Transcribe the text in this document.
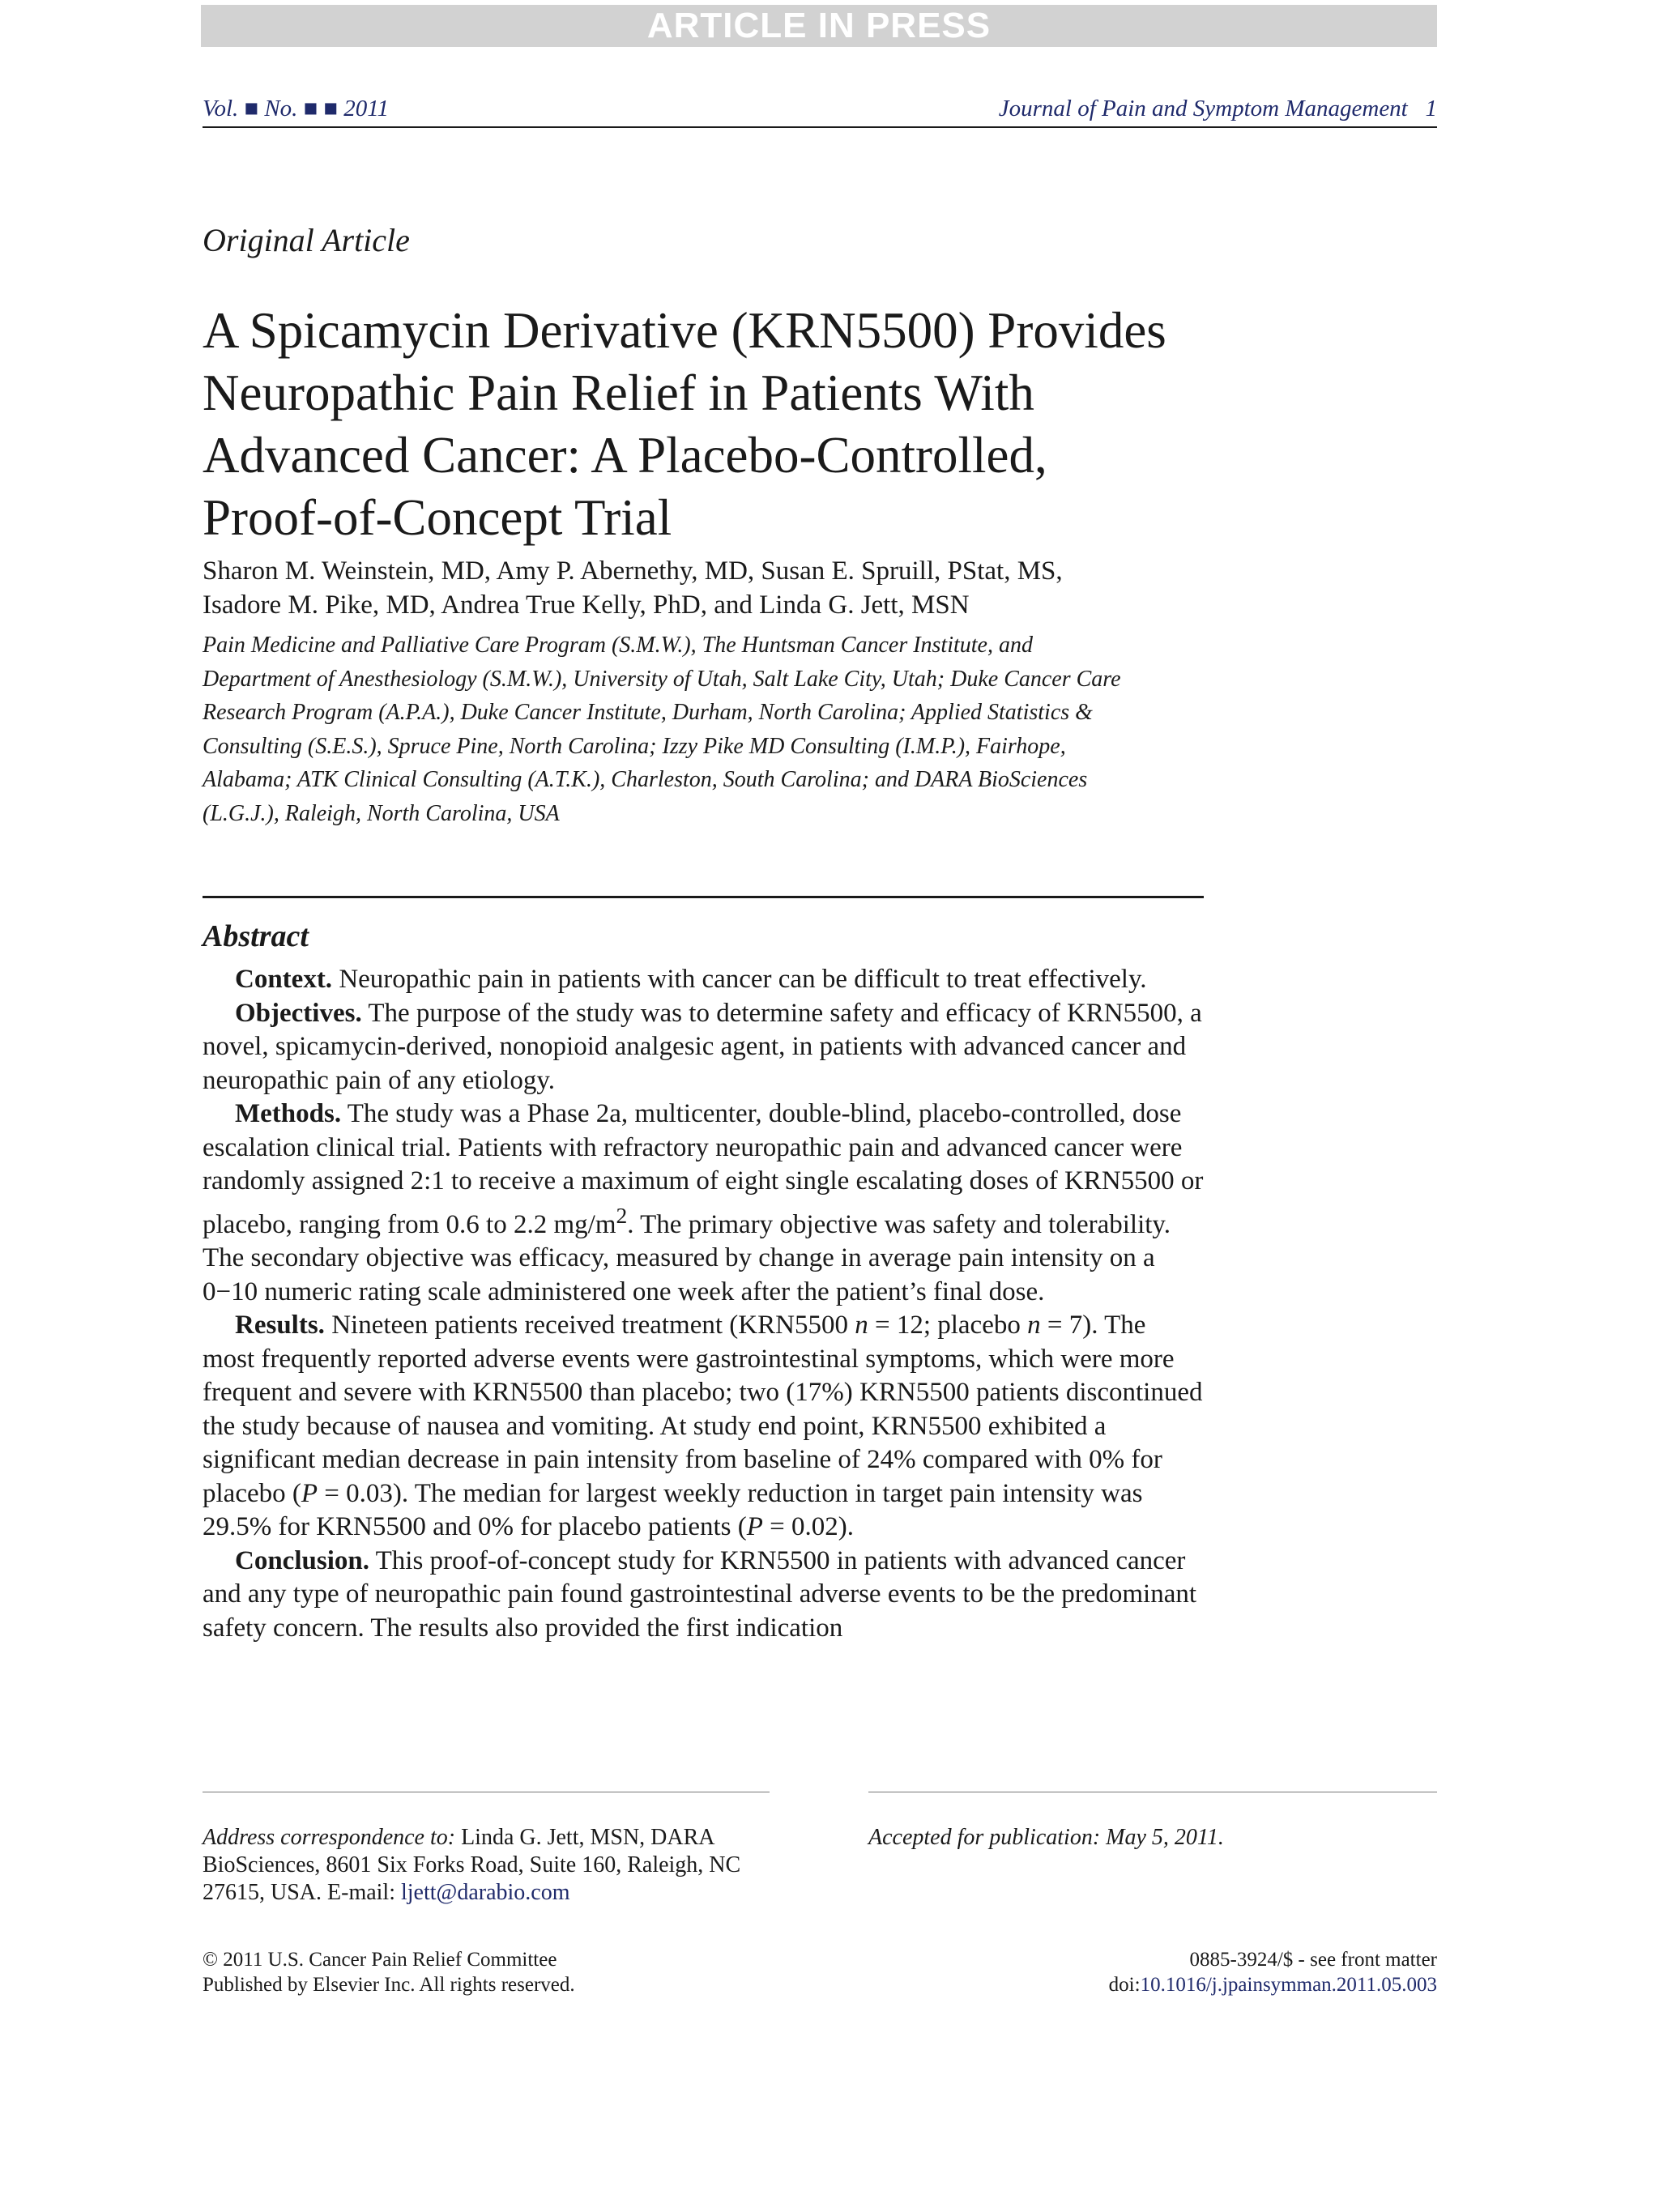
ARTICLE IN PRESS
Vol. ■ No. ■ ■ 2011	Journal of Pain and Symptom Management   1
Original Article
A Spicamycin Derivative (KRN5500) Provides
Neuropathic Pain Relief in Patients With
Advanced Cancer: A Placebo-Controlled,
Proof-of-Concept Trial
Sharon M. Weinstein, MD, Amy P. Abernethy, MD, Susan E. Spruill, PStat, MS,
Isadore M. Pike, MD, Andrea True Kelly, PhD, and Linda G. Jett, MSN
Pain Medicine and Palliative Care Program (S.M.W.), The Huntsman Cancer Institute, and
Department of Anesthesiology (S.M.W.), University of Utah, Salt Lake City, Utah; Duke Cancer Care
Research Program (A.P.A.), Duke Cancer Institute, Durham, North Carolina; Applied Statistics &
Consulting (S.E.S.), Spruce Pine, North Carolina; Izzy Pike MD Consulting (I.M.P.), Fairhope,
Alabama; ATK Clinical Consulting (A.T.K.), Charleston, South Carolina; and DARA BioSciences
(L.G.J.), Raleigh, North Carolina, USA
Abstract

Context. Neuropathic pain in patients with cancer can be difficult to treat effectively.

Objectives. The purpose of the study was to determine safety and efficacy of KRN5500, a novel, spicamycin-derived, nonopioid analgesic agent, in patients with advanced cancer and neuropathic pain of any etiology.

Methods. The study was a Phase 2a, multicenter, double-blind, placebo-controlled, dose escalation clinical trial. Patients with refractory neuropathic pain and advanced cancer were randomly assigned 2:1 to receive a maximum of eight single escalating doses of KRN5500 or placebo, ranging from 0.6 to 2.2 $mg/m^2$. The primary objective was safety and tolerability. The secondary objective was efficacy, measured by change in average pain intensity on a 0−10 numeric rating scale administered one week after the patient’s final dose.

Results. Nineteen patients received treatment (KRN5500 n = 12; placebo n = 7). The most frequently reported adverse events were gastrointestinal symptoms, which were more frequent and severe with KRN5500 than placebo; two (17%) KRN5500 patients discontinued the study because of nausea and vomiting. At study end point, KRN5500 exhibited a significant median decrease in pain intensity from baseline of 24% compared with 0% for placebo (P = 0.03). The median for largest weekly reduction in target pain intensity was 29.5% for KRN5500 and 0% for placebo patients (P = 0.02).

Conclusion. This proof-of-concept study for KRN5500 in patients with advanced cancer and any type of neuropathic pain found gastrointestinal adverse events to be the predominant safety concern. The results also provided the first indication

Address correspondence to: Linda G. Jett, MSN, DARA BioSciences, 8601 Six Forks Road, Suite 160, Raleigh, NC 27615, USA. E-mail: ljett@darabio.com
Accepted for publication: May 5, 2011.
© 2011 U.S. Cancer Pain Relief Committee
Published by Elsevier Inc. All rights reserved.
0885-3924/$ - see front matter
doi:10.1016/j.jpainsymman.2011.05.003
